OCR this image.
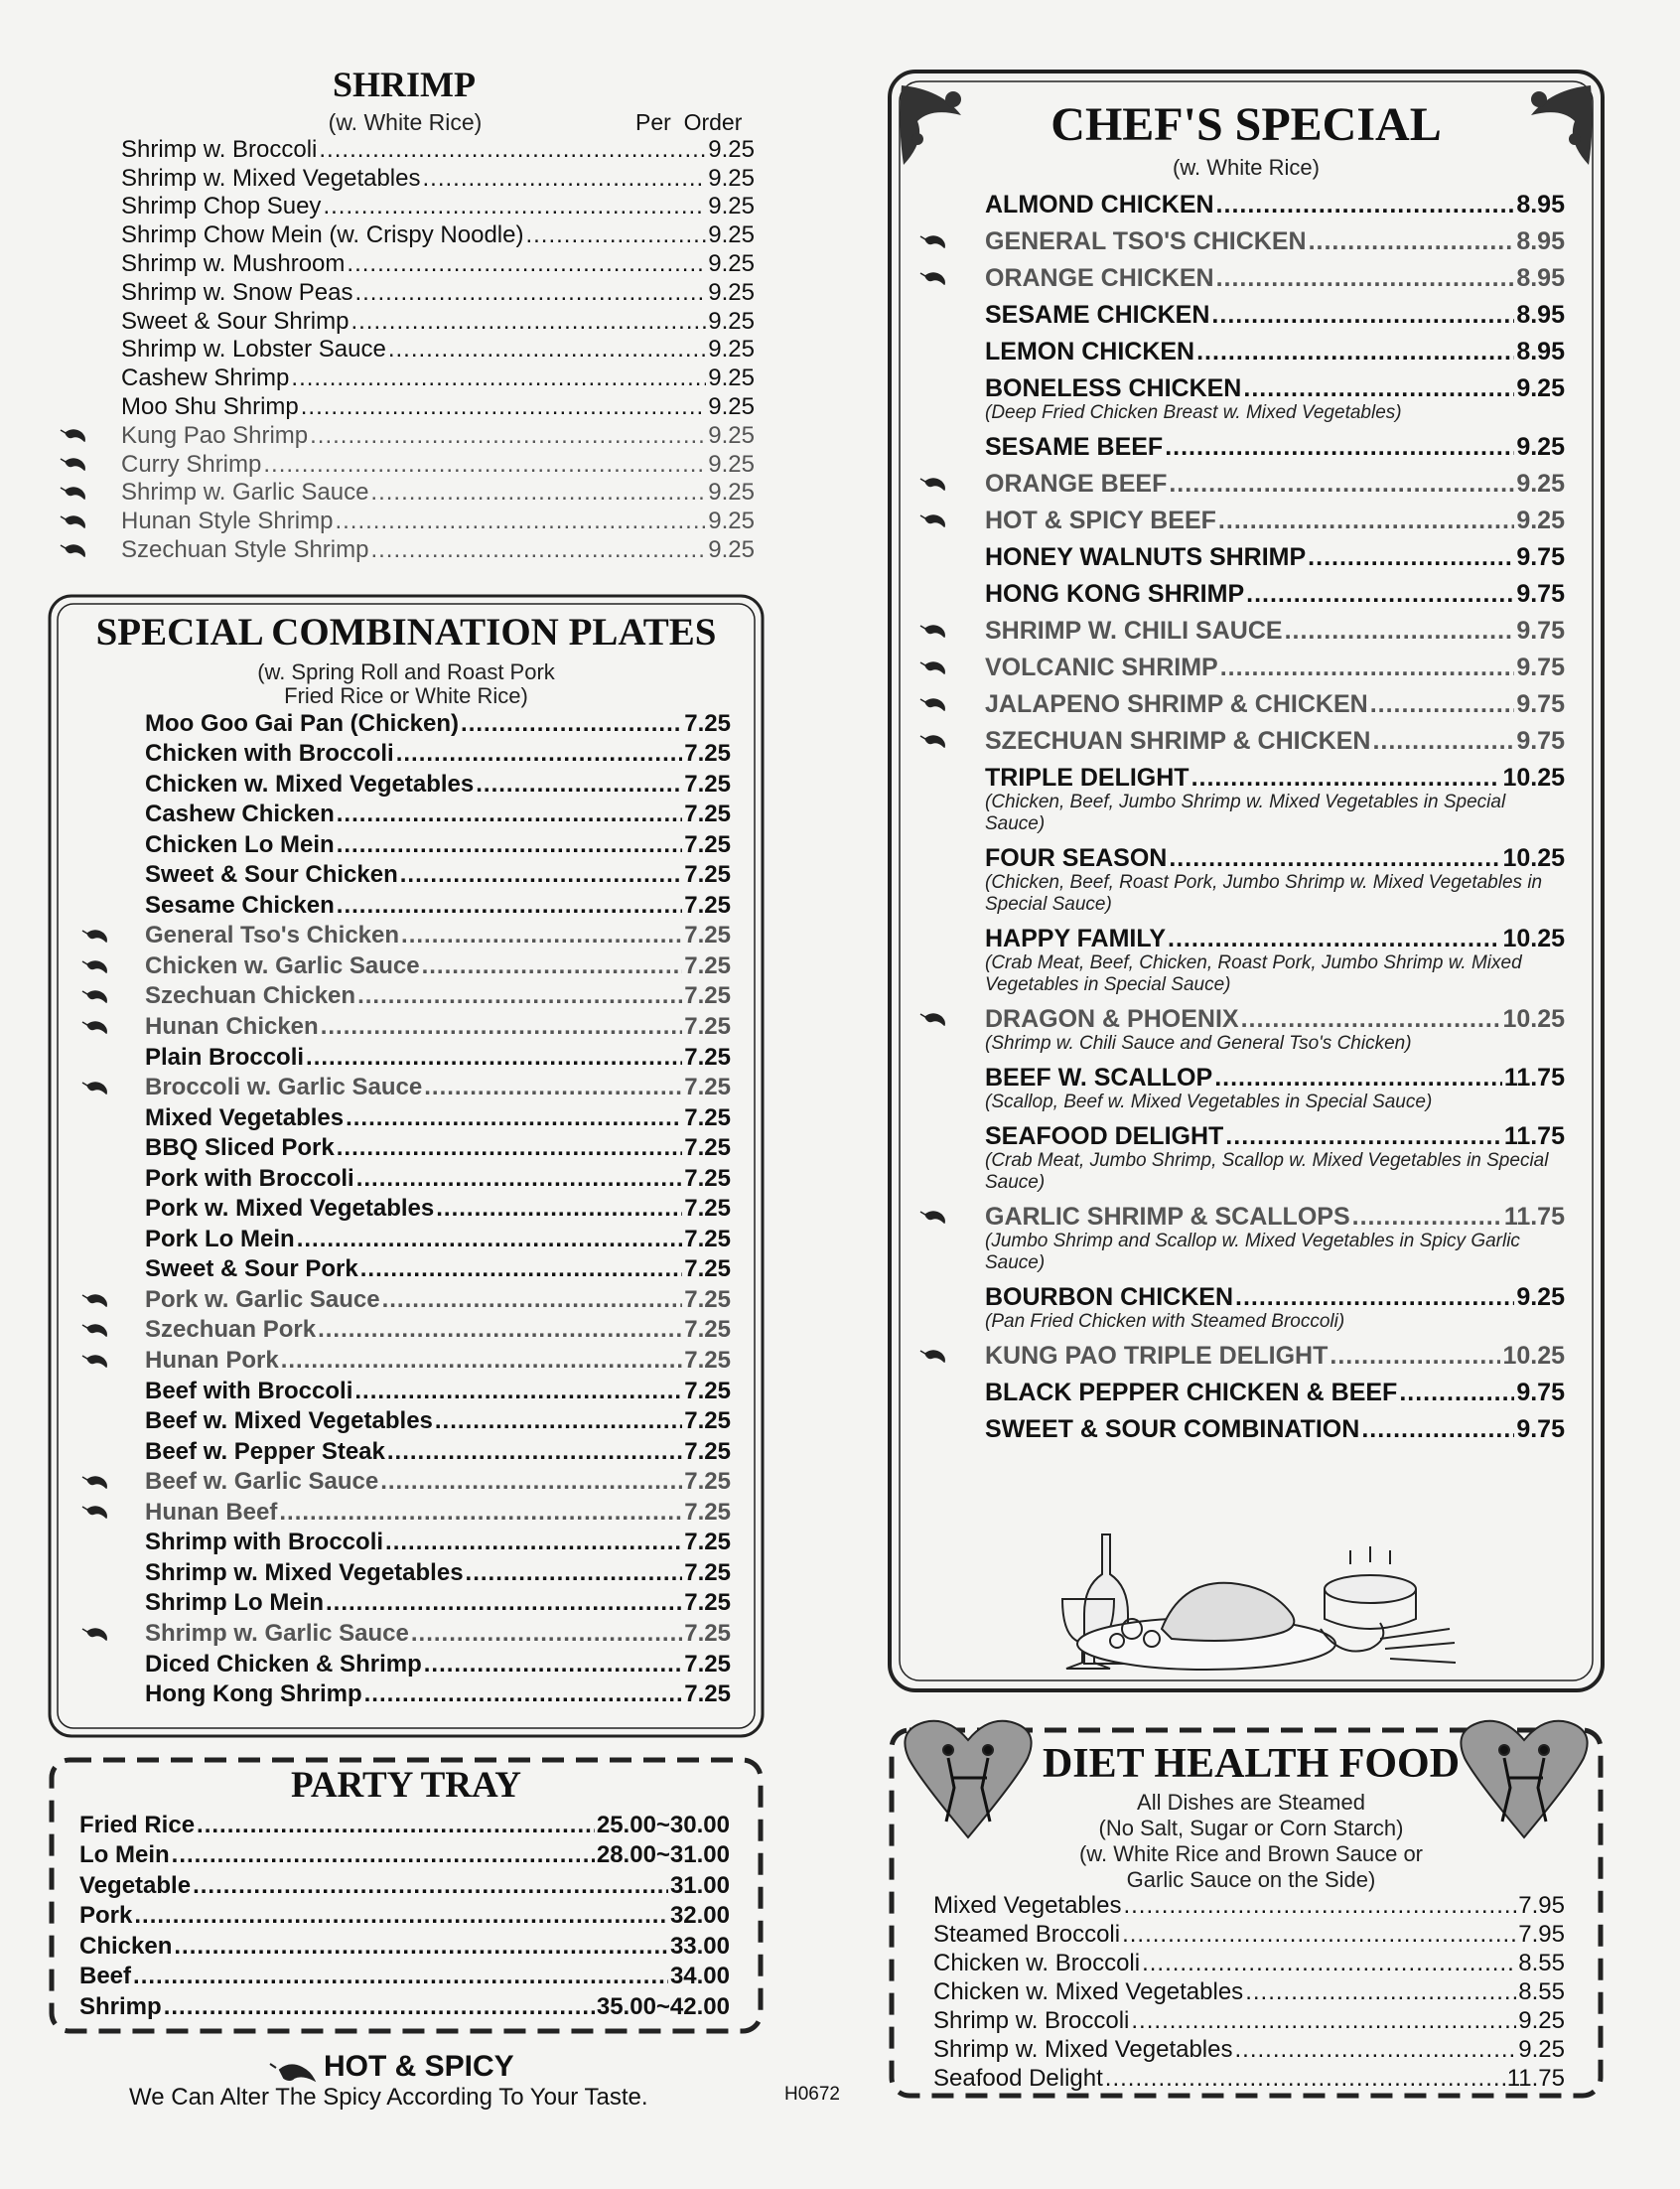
SHRIMP
(w. White Rice)	Per  Order
Shrimp w. Broccoli .....	9.25
Shrimp w. Mixed Vegetables .....	9.25
Shrimp Chop Suey .....	9.25
Shrimp Chow Mein (w. Crispy Noodle) .....	9.25
Shrimp w. Mushroom .....	9.25
Shrimp w. Snow Peas .....	9.25
Sweet & Sour Shrimp .....	9.25
Shrimp w. Lobster Sauce .....	9.25
Cashew Shrimp .....	9.25
Moo Shu Shrimp .....	9.25
Kung Pao Shrimp .....	9.25
Curry Shrimp .....	9.25
Shrimp w. Garlic Sauce .....	9.25
Hunan Style Shrimp .....	9.25
Szechuan Style Shrimp .....	9.25
SPECIAL COMBINATION PLATES
(w. Spring Roll and Roast Pork
Fried Rice or White Rice)
Moo Goo Gai Pan (Chicken) .....	7.25
Chicken with Broccoli .....	7.25
Chicken w. Mixed Vegetables .....	7.25
Cashew Chicken .....	7.25
Chicken Lo Mein .....	7.25
Sweet & Sour Chicken .....	7.25
Sesame Chicken .....	7.25
General Tso's Chicken .....	7.25
Chicken w. Garlic Sauce .....	7.25
Szechuan Chicken .....	7.25
Hunan Chicken .....	7.25
Plain Broccoli .....	7.25
Broccoli w. Garlic Sauce .....	7.25
Mixed Vegetables .....	7.25
BBQ Sliced Pork .....	7.25
Pork with Broccoli .....	7.25
Pork w. Mixed Vegetables .....	7.25
Pork Lo Mein .....	7.25
Sweet & Sour Pork .....	7.25
Pork w. Garlic Sauce .....	7.25
Szechuan Pork .....	7.25
Hunan Pork .....	7.25
Beef with Broccoli .....	7.25
Beef w. Mixed Vegetables .....	7.25
Beef w. Pepper Steak .....	7.25
Beef w. Garlic Sauce .....	7.25
Hunan Beef .....	7.25
Shrimp with Broccoli .....	7.25
Shrimp w. Mixed Vegetables .....	7.25
Shrimp Lo Mein .....	7.25
Shrimp w. Garlic Sauce .....	7.25
Diced Chicken & Shrimp .....	7.25
Hong Kong Shrimp .....	7.25
PARTY TRAY
Fried Rice .....	25.00~30.00
Lo Mein .....	28.00~31.00
Vegetable .....	31.00
Pork .....	32.00
Chicken .....	33.00
Beef .....	34.00
Shrimp .....	35.00~42.00
HOT & SPICY
We Can Alter The Spicy According To Your Taste.	H0672
CHEF'S SPECIAL
(w. White Rice)
ALMOND CHICKEN .....	8.95
GENERAL TSO'S CHICKEN .....	8.95
ORANGE CHICKEN .....	8.95
SESAME CHICKEN .....	8.95
LEMON CHICKEN .....	8.95
BONELESS CHICKEN .....	9.25
(Deep Fried Chicken Breast w. Mixed Vegetables)
SESAME BEEF .....	9.25
ORANGE BEEF .....	9.25
HOT & SPICY BEEF .....	9.25
HONEY WALNUTS SHRIMP .....	9.75
HONG KONG SHRIMP .....	9.75
SHRIMP W. CHILI SAUCE .....	9.75
VOLCANIC SHRIMP .....	9.75
JALAPENO SHRIMP & CHICKEN .....	9.75
SZECHUAN SHRIMP & CHICKEN .....	9.75
TRIPLE DELIGHT .....	10.25
(Chicken, Beef, Jumbo Shrimp w. Mixed Vegetables in Special Sauce)
FOUR SEASON .....	10.25
(Chicken, Beef, Roast Pork, Jumbo Shrimp w. Mixed Vegetables in Special Sauce)
HAPPY FAMILY .....	10.25
(Crab Meat, Beef, Chicken, Roast Pork, Jumbo Shrimp w. Mixed Vegetables in Special Sauce)
DRAGON & PHOENIX .....	10.25
(Shrimp w. Chili Sauce and General Tso's Chicken)
BEEF W. SCALLOP .....	11.75
(Scallop, Beef w. Mixed Vegetables in Special Sauce)
SEAFOOD DELIGHT .....	11.75
(Crab Meat, Jumbo Shrimp, Scallop w. Mixed Vegetables in Special Sauce)
GARLIC SHRIMP & SCALLOPS .....	11.75
(Jumbo Shrimp and Scallop w. Mixed Vegetables in Spicy Garlic Sauce)
BOURBON CHICKEN .....	9.25
(Pan Fried Chicken with Steamed Broccoli)
KUNG PAO TRIPLE DELIGHT .....	10.25
BLACK PEPPER CHICKEN & BEEF .....	9.75
SWEET & SOUR COMBINATION .....	9.75
DIET HEALTH FOOD
All Dishes are Steamed
(No Salt, Sugar or Corn Starch)
(w. White Rice and Brown Sauce or
Garlic Sauce on the Side)
Mixed Vegetables .....	7.95
Steamed Broccoli .....	7.95
Chicken w. Broccoli .....	8.55
Chicken w. Mixed Vegetables .....	8.55
Shrimp w. Broccoli .....	9.25
Shrimp w. Mixed Vegetables .....	9.25
Seafood Delight .....	11.75
